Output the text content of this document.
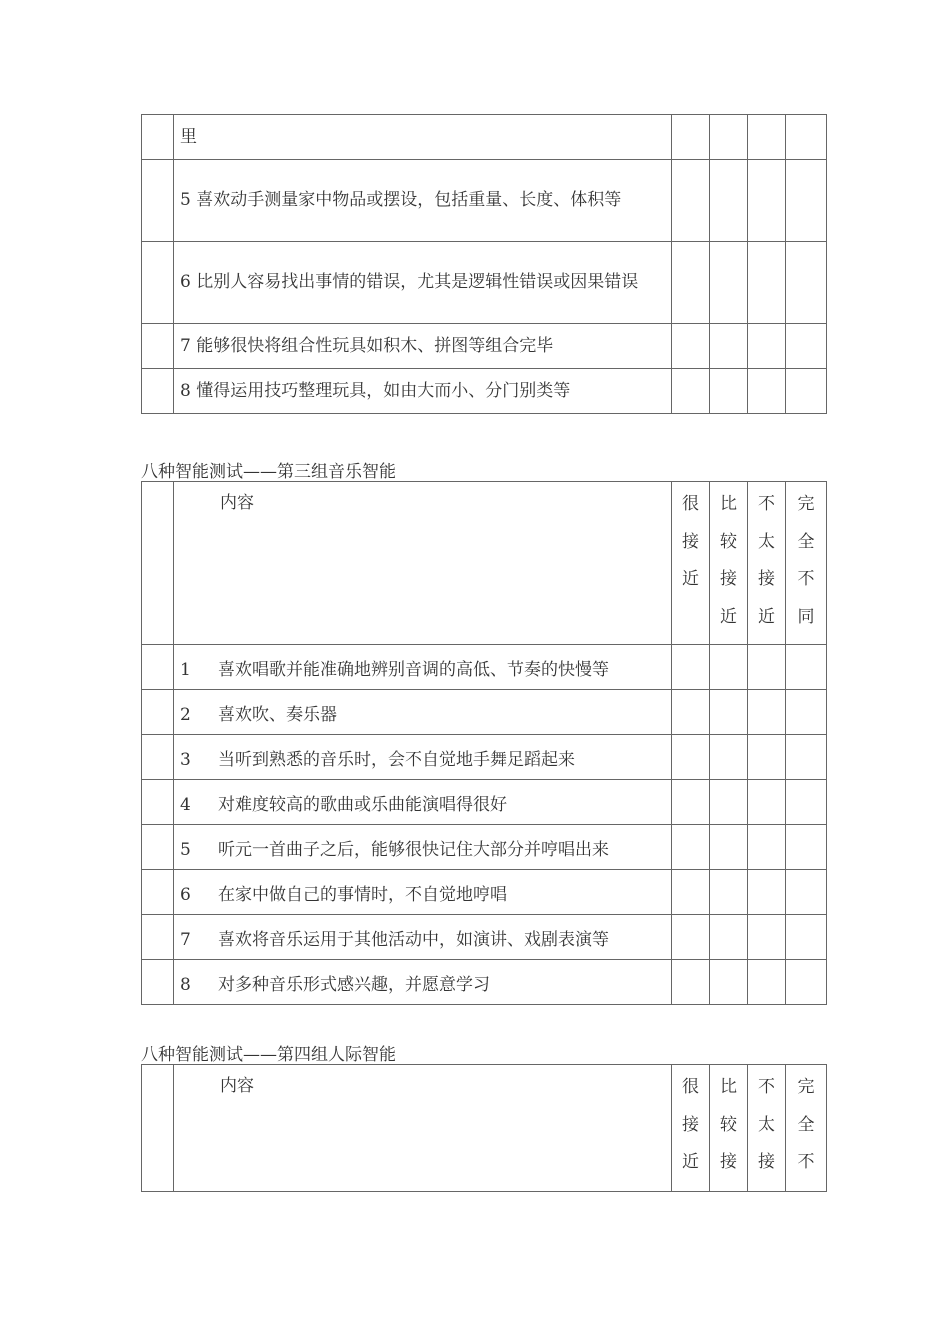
	里				
	5 喜欢动手测量家中物品或摆设，包括重量、长度、体积等				
	6 比别人容易找出事情的错误，尤其是逻辑性错误或因果错误				
	7 能够很快将组合性玩具如积木、拼图等组合完毕				
	8 懂得运用技巧整理玩具，如由大而小、分门别类等				
八种智能测试——第三组音乐智能
	内容	很
接
近	比
较
接
近	不
太
接
近	完
全
不
同

	1 喜欢唱歌并能准确地辨别音调的高低、节奏的快慢等				
	2 喜欢吹、奏乐器				
	3 当听到熟悉的音乐时，会不自觉地手舞足蹈起来				
	4 对难度较高的歌曲或乐曲能演唱得很好				
	5 听元一首曲子之后，能够很快记住大部分并哼唱出来				
	6 在家中做自己的事情时，不自觉地哼唱				
	7 喜欢将音乐运用于其他活动中，如演讲、戏剧表演等				
	8 对多种音乐形式感兴趣，并愿意学习				
八种智能测试——第四组人际智能
	内容	很
接
近

比
较
接

不
太
接

完
全
不
